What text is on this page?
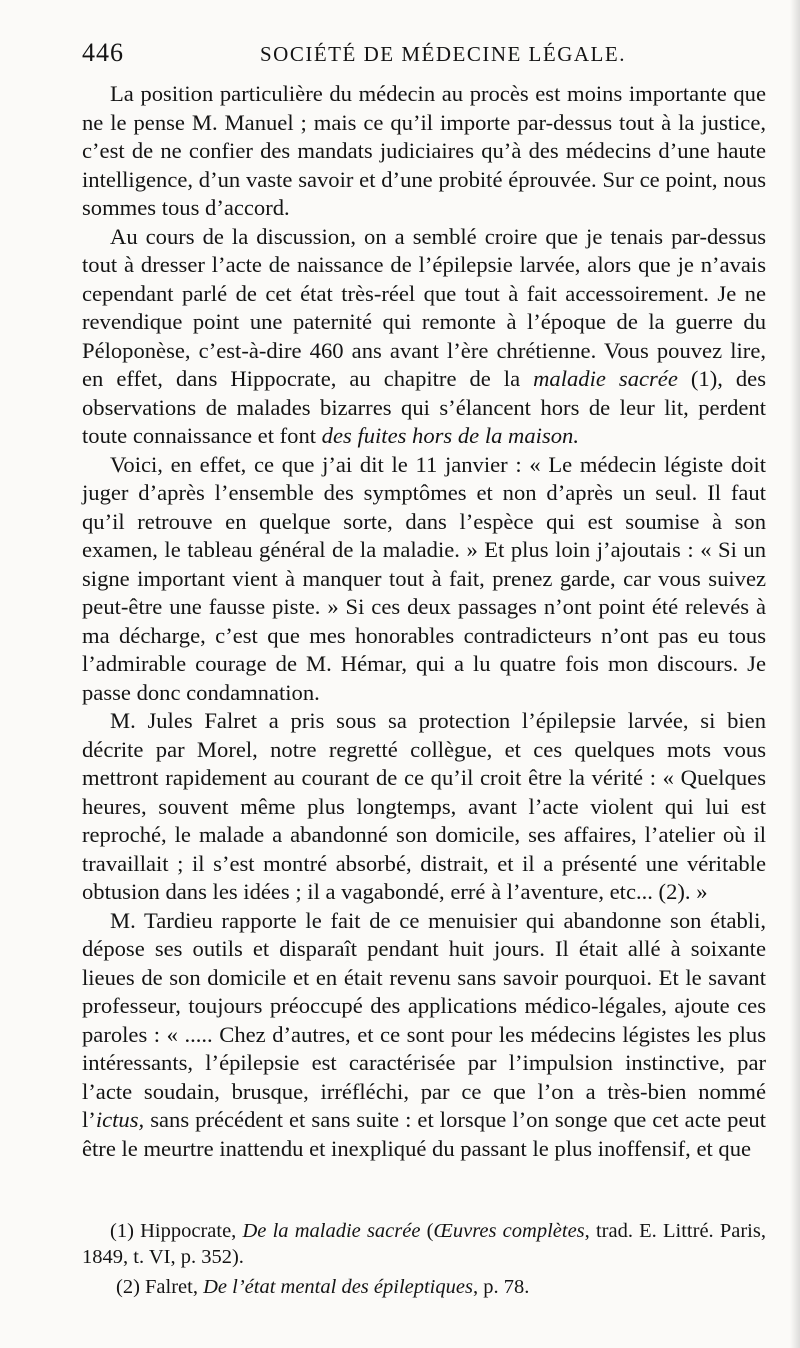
446	SOCIÉTÉ DE MÉDECINE LÉGALE.

La position particulière du médecin au procès est moins importante que ne le pense M. Manuel ; mais ce qu’il importe par-dessus tout à la justice, c’est de ne confier des mandats judiciaires qu’à des médecins d’une haute intelligence, d’un vaste savoir et d’une probité éprouvée. Sur ce point, nous sommes tous d’accord.

Au cours de la discussion, on a semblé croire que je tenais par-dessus tout à dresser l’acte de naissance de l’épilepsie larvée, alors que je n’avais cependant parlé de cet état très-réel que tout à fait accessoirement. Je ne revendique point une paternité qui remonte à l’époque de la guerre du Péloponèse, c’est-à-dire 460 ans avant l’ère chrétienne. Vous pouvez lire, en effet, dans Hippocrate, au chapitre de la maladie sacrée (1), des observations de malades bizarres qui s’élancent hors de leur lit, perdent toute connaissance et font des fuites hors de la maison.

Voici, en effet, ce que j’ai dit le 11 janvier : « Le médecin légiste doit juger d’après l’ensemble des symptômes et non d’après un seul. Il faut qu’il retrouve en quelque sorte, dans l’espèce qui est soumise à son examen, le tableau général de la maladie. » Et plus loin j’ajoutais : « Si un signe important vient à manquer tout à fait, prenez garde, car vous suivez peut-être une fausse piste. » Si ces deux passages n’ont point été relevés à ma décharge, c’est que mes honorables contradicteurs n’ont pas eu tous l’admirable courage de M. Hémar, qui a lu quatre fois mon discours. Je passe donc condamnation.

M. Jules Falret a pris sous sa protection l’épilepsie larvée, si bien décrite par Morel, notre regretté collègue, et ces quelques mots vous mettront rapidement au courant de ce qu’il croit être la vérité : « Quelques heures, souvent même plus longtemps, avant l’acte violent qui lui est reproché, le malade a abandonné son domicile, ses affaires, l’atelier où il travaillait ; il s’est montré absorbé, distrait, et il a présenté une véritable obtusion dans les idées ; il a vagabondé, erré à l’aventure, etc... (2). »

M. Tardieu rapporte le fait de ce menuisier qui abandonne son établi, dépose ses outils et disparaît pendant huit jours. Il était allé à soixante lieues de son domicile et en était revenu sans savoir pourquoi. Et le savant professeur, toujours préoccupé des applications médico-légales, ajoute ces paroles : « ..... Chez d’autres, et ce sont pour les médecins légistes les plus intéressants, l’épilepsie est caractérisée par l’impulsion instinctive, par l’acte soudain, brusque, irréfléchi, par ce que l’on a très-bien nommé l’ictus, sans précédent et sans suite : et lorsque l’on songe que cet acte peut être le meurtre inattendu et inexpliqué du passant le plus inoffensif, et que

(1) Hippocrate, De la maladie sacrée (Œuvres complètes, trad. E. Littré. Paris, 1849, t. VI, p. 352).

(2) Falret, De l’état mental des épileptiques, p. 78.
